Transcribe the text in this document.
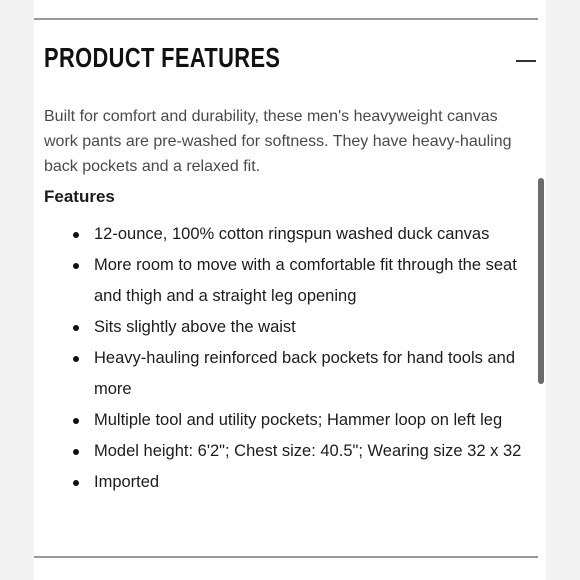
PRODUCT FEATURES

Built for comfort and durability, these men's heavyweight canvas work pants are pre-washed for softness. They have heavy-hauling back pockets and a relaxed fit.

Features
12-ounce, 100% cotton ringspun washed duck canvas
More room to move with a comfortable fit through the seat and thigh and a straight leg opening
Sits slightly above the waist
Heavy-hauling reinforced back pockets for hand tools and more
Multiple tool and utility pockets; Hammer loop on left leg
Model height: 6'2"; Chest size: 40.5"; Wearing size 32 x 32
Imported
